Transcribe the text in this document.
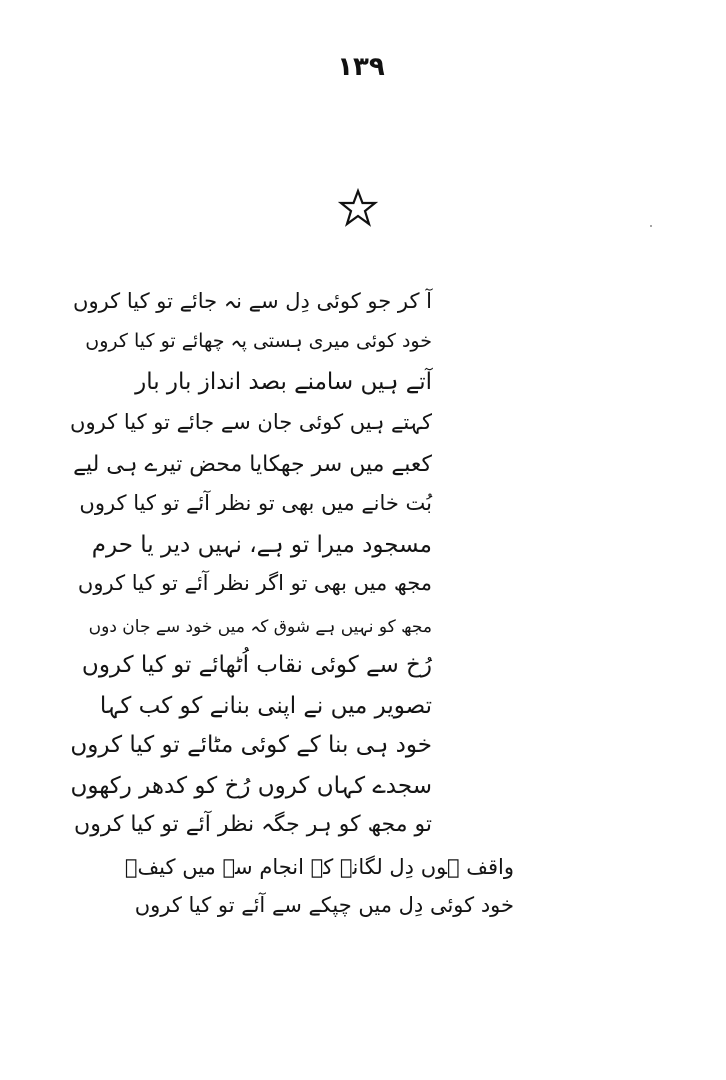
۱۳۹
آ کر جو کوئی دِل سے نہ جائے تو کیا کروں
خود کوئی میری ہستی پہ چھائے تو کیا کروں
آتے ہیں سامنے بصد انداز بار بار
کہتے ہیں کوئی جان سے جائے تو کیا کروں
کعبے میں سر جھکایا محض تیرے ہی لیے
بُت خانے میں بھی تو نظر آئے تو کیا کروں
مسجود میرا تو ہے، نہیں دیر یا حرم
مجھ میں بھی تو اگر نظر آئے تو کیا کروں
مجھ کو نہیں ہے شوق کہ میں خود سے جان دوں
رُخ سے کوئی نقاب اُٹھائے تو کیا کروں
تصویر میں نے اپنی بنانے کو کب کہا
خود ہی بنا کے کوئی مٹائے تو کیا کروں
سجدے کہاں کروں رُخ کو کدھر رکھوں
تو مجھ کو ہر جگہ نظر آئے تو کیا کروں
واقف ہوں دِل لگانے کے انجام سے میں کیفؔ
خود کوئی دِل میں چپکے سے آئے تو کیا کروں
